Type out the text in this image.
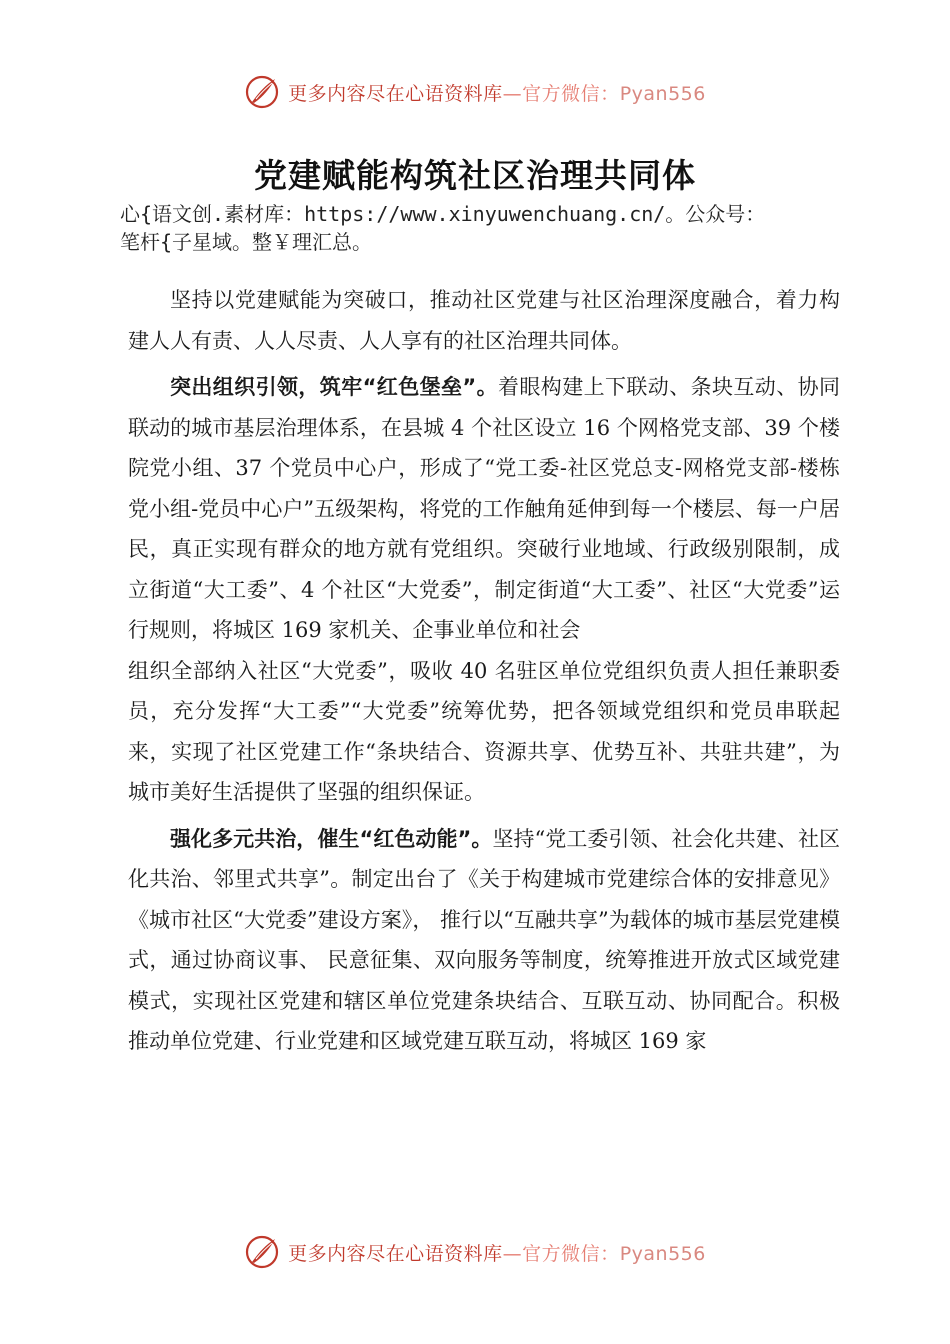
更多内容尽在心语资料库—官方微信：Pyan556
党建赋能构筑社区治理共同体
心{语文创.素材库：https://www.xinyuwenchuang.cn/。公众号：
笔杆{子星域。整￥理汇总。

坚持以党建赋能为突破口，推动社区党建与社区治理深度融合，着力构建人人有责、人人尽责、人人享有的社区治理共同体。

突出组织引领，筑牢“红色堡垒”。着眼构建上下联动、条块互动、协同联动的城市基层治理体系，在县城 4 个社区设立 16 个网格党支部、39 个楼院党小组、37 个党员中心户，形成了“党工委-社区党总支-网格党支部-楼栋党小组-党员中心户”五级架构，将党的工作触角延伸到每一个楼层、每一户居民，真正实现有群众的地方就有党组织。突破行业地域、行政级别限制，成立街道“大工委”、4 个社区“大党委”，制定街道“大工委”、社区“大党委”运行规则，将城区 169 家机关、企事业单位和社会

组织全部纳入社区“大党委”，吸收 40 名驻区单位党组织负责人担任兼职委员，充分发挥“大工委”“大党委”统筹优势，把各领域党组织和党员串联起来，实现了社区党建工作“条块结合、资源共享、优势互补、共驻共建”，为城市美好生活提供了坚强的组织保证。

强化多元共治，催生“红色动能”。坚持“党工委引领、社会化共建、社区化共治、邻里式共享”。制定出台了《关于构建城市党建综合体的安排意见》《城市社区“大党委”建设方案》， 推行以“互融共享”为载体的城市基层党建模式，通过协商议事、 民意征集、双向服务等制度，统筹推进开放式区域党建模式，实现社区党建和辖区单位党建条块结合、互联互动、协同配合。积极推动单位党建、行业党建和区域党建互联互动，将城区 169 家

更多内容尽在心语资料库—官方微信：Pyan556
